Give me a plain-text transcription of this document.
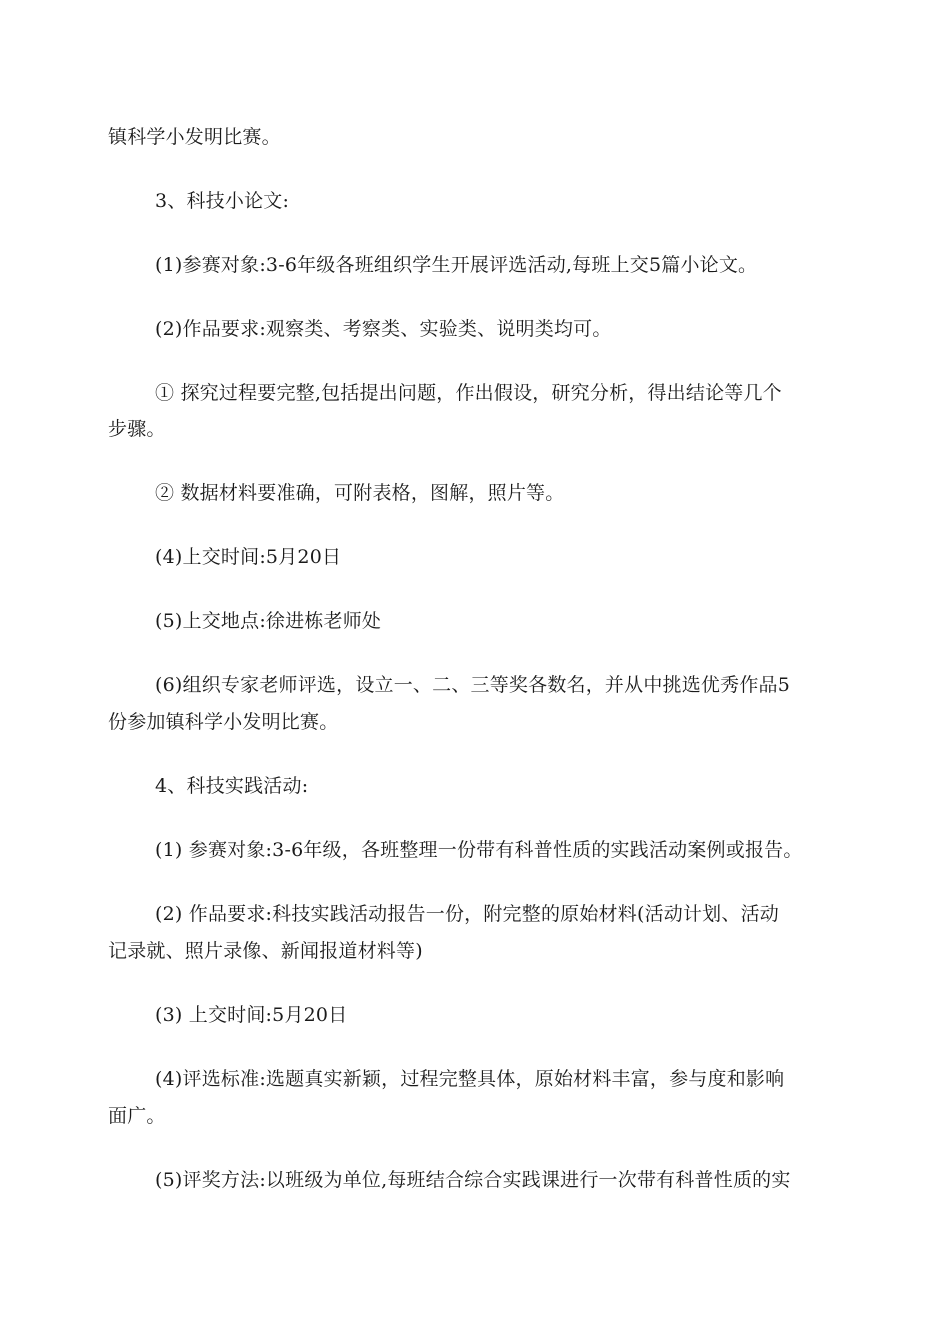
镇科学小发明比赛。
3、科技小论文:
(1)参赛对象:3-6年级各班组织学生开展评选活动,每班上交5篇小论文。
(2)作品要求:观察类、考察类、实验类、说明类均可。
① 探究过程要完整,包括提出问题，作出假设，研究分析，得出结论等几个
步骤。
② 数据材料要准确，可附表格，图解，照片等。
(4)上交时间:5月20日
(5)上交地点:徐进栋老师处
(6)组织专家老师评选，设立一、二、三等奖各数名，并从中挑选优秀作品5
份参加镇科学小发明比赛。
4、科技实践活动:
(1) 参赛对象:3-6年级，各班整理一份带有科普性质的实践活动案例或报告。
(2) 作品要求:科技实践活动报告一份，附完整的原始材料(活动计划、活动
记录就、照片录像、新闻报道材料等)
(3) 上交时间:5月20日
(4)评选标准:选题真实新颖，过程完整具体，原始材料丰富，参与度和影响
面广。
(5)评奖方法:以班级为单位,每班结合综合实践课进行一次带有科普性质的实
